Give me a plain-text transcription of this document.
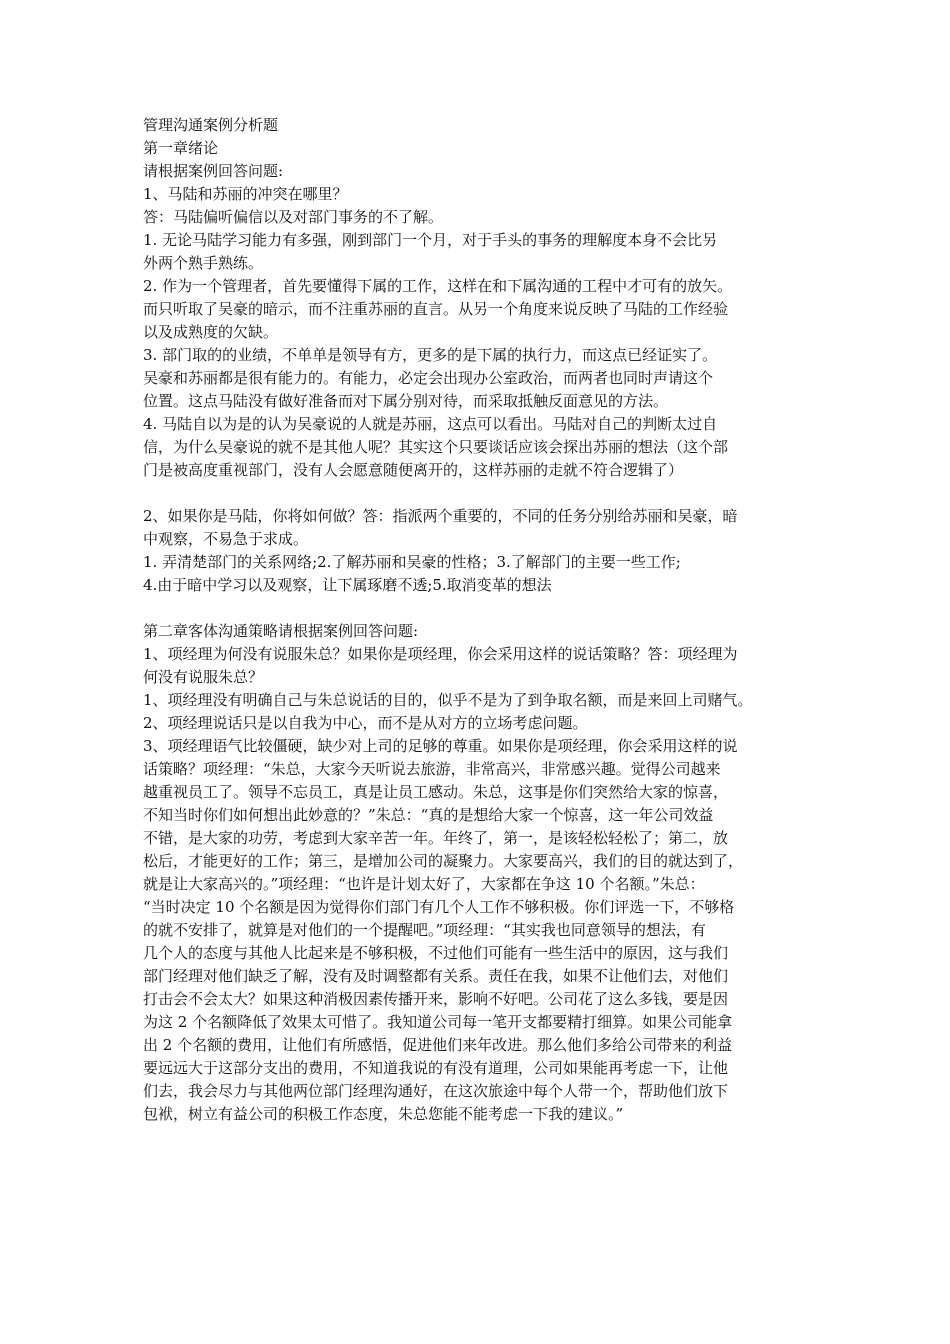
管理沟通案例分析题
第一章绪论
请根据案例回答问题:
1、马陆和苏丽的冲突在哪里？
答：马陆偏听偏信以及对部门事务的不了解。
1. 无论马陆学习能力有多强，刚到部门一个月，对于手头的事务的理解度本身不会比另
外两个熟手熟练。
2. 作为一个管理者，首先要懂得下属的工作，这样在和下属沟通的工程中才可有的放矢。
而只听取了吴豪的暗示，而不注重苏丽的直言。从另一个角度来说反映了马陆的工作经验
以及成熟度的欠缺。
3. 部门取的的业绩，不单单是领导有方，更多的是下属的执行力，而这点已经证实了。
吴豪和苏丽都是很有能力的。有能力，必定会出现办公室政治，而两者也同时声请这个
位置。这点马陆没有做好准备而对下属分别对待，而采取抵触反面意见的方法。
4. 马陆自以为是的认为吴豪说的人就是苏丽，这点可以看出。马陆对自己的判断太过自
信，为什么吴豪说的就不是其他人呢？其实这个只要谈话应该会探出苏丽的想法（这个部
门是被高度重视部门，没有人会愿意随便离开的，这样苏丽的走就不符合逻辑了）
2、如果你是马陆，你将如何做？答：指派两个重要的，不同的任务分别给苏丽和吴豪，暗
中观察，不易急于求成。
1. 弄清楚部门的关系网络;2.了解苏丽和吴豪的性格；3.了解部门的主要一些工作;
4.由于暗中学习以及观察，让下属琢磨不透;5.取消变革的想法
第二章客体沟通策略请根据案例回答问题:
1、项经理为何没有说服朱总？如果你是项经理，你会采用这样的说话策略？答：项经理为
何没有说服朱总？
1、项经理没有明确自己与朱总说话的目的，似乎不是为了到争取名额，而是来回上司赌气。
2、项经理说话只是以自我为中心，而不是从对方的立场考虑问题。
3、项经理语气比较僵硬，缺少对上司的足够的尊重。如果你是项经理，你会采用这样的说
话策略？项经理：“朱总，大家今天听说去旅游，非常高兴，非常感兴趣。觉得公司越来
越重视员工了。领导不忘员工，真是让员工感动。朱总，这事是你们突然给大家的惊喜，
不知当时你们如何想出此妙意的？”朱总：“真的是想给大家一个惊喜，这一年公司效益
不错，是大家的功劳，考虑到大家辛苦一年。年终了，第一，是该轻松轻松了；第二，放
松后，才能更好的工作；第三，是增加公司的凝聚力。大家要高兴，我们的目的就达到了，
就是让大家高兴的。”项经理：“也许是计划太好了，大家都在争这 10 个名额。”朱总：
“当时决定 10 个名额是因为觉得你们部门有几个人工作不够积极。你们评选一下，不够格
的就不安排了，就算是对他们的一个提醒吧。”项经理：“其实我也同意领导的想法，有
几个人的态度与其他人比起来是不够积极，不过他们可能有一些生活中的原因，这与我们
部门经理对他们缺乏了解，没有及时调整都有关系。责任在我，如果不让他们去，对他们
打击会不会太大？如果这种消极因素传播开来，影响不好吧。公司花了这么多钱，要是因
为这 2 个名额降低了效果太可惜了。我知道公司每一笔开支都要精打细算。如果公司能拿
出 2 个名额的费用，让他们有所感悟，促进他们来年改进。那么他们多给公司带来的利益
要远远大于这部分支出的费用，不知道我说的有没有道理，公司如果能再考虑一下，让他
们去，我会尽力与其他两位部门经理沟通好，在这次旅途中每个人带一个，帮助他们放下
包袱，树立有益公司的积极工作态度，朱总您能不能考虑一下我的建议。”
